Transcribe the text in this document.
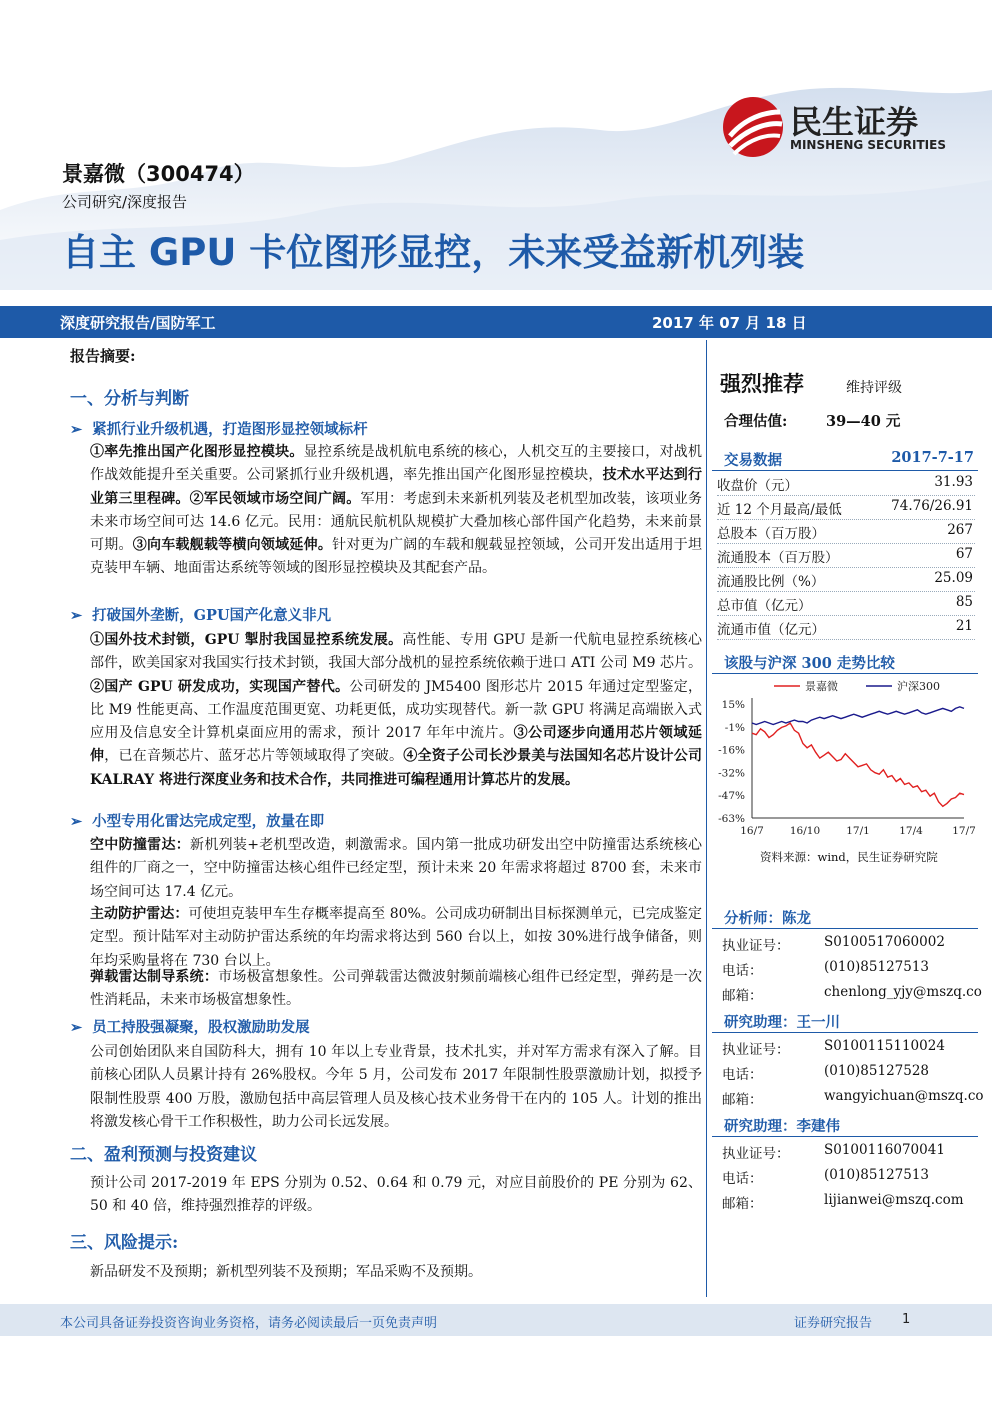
民生证券
MINSHENG SECURITIES
景嘉微（300474）
公司研究/深度报告
自主 GPU 卡位图形显控，未来受益新机列装
深度研究报告/国防军工	2017 年 07 月 18 日
报告摘要:
一、分析与判断
➢ 紧抓行业升级机遇，打造图形显控领域标杆
①率先推出国产化图形显控模块。显控系统是战机航电系统的核心，人机交互的主要接口，对战机作战效能提升至关重要。公司紧抓行业升级机遇，率先推出国产化图形显控模块，技术水平达到行业第三里程碑。②军民领域市场空间广阔。军用：考虑到未来新机列装及老机型加改装，该项业务未来市场空间可达 14.6 亿元。民用：通航民航机队规模扩大叠加核心部件国产化趋势，未来前景可期。③向车载舰载等横向领域延伸。针对更为广阔的车载和舰载显控领域，公司开发出适用于坦克装甲车辆、地面雷达系统等领域的图形显控模块及其配套产品。
➢ 打破国外垄断，GPU国产化意义非凡
①国外技术封锁，GPU 掣肘我国显控系统发展。高性能、专用 GPU 是新一代航电显控系统核心部件，欧美国家对我国实行技术封锁，我国大部分战机的显控系统依赖于进口 ATI 公司 M9 芯片。②国产 GPU 研发成功，实现国产替代。公司研发的 JM5400 图形芯片 2015 年通过定型鉴定，比 M9 性能更高、工作温度范围更宽、功耗更低，成功实现替代。新一款 GPU 将满足高端嵌入式应用及信息安全计算机桌面应用的需求，预计 2017 年年中流片。③公司逐步向通用芯片领域延伸，已在音频芯片、蓝牙芯片等领域取得了突破。④全资子公司长沙景美与法国知名芯片设计公司 KALRAY 将进行深度业务和技术合作，共同推进可编程通用计算芯片的发展。
➢ 小型专用化雷达完成定型，放量在即
空中防撞雷达：新机列装+老机型改造，刺激需求。国内第一批成功研发出空中防撞雷达系统核心组件的厂商之一，空中防撞雷达核心组件已经定型，预计未来 20 年需求将超过 8700 套，未来市场空间可达 17.4 亿元。
主动防护雷达：可使坦克装甲车生存概率提高至 80%。公司成功研制出目标探测单元，已完成鉴定定型。预计陆军对主动防护雷达系统的年均需求将达到 560 台以上，如按 30%进行战争储备，则年均采购量将在 730 台以上。
弹载雷达制导系统：市场极富想象性。公司弹载雷达微波射频前端核心组件已经定型，弹药是一次性消耗品，未来市场极富想象性。
➢ 员工持股强凝聚，股权激励助发展
公司创始团队来自国防科大，拥有 10 年以上专业背景，技术扎实，并对军方需求有深入了解。目前核心团队人员累计持有 26%股权。今年 5 月，公司发布 2017 年限制性股票激励计划，拟授予限制性股票 400 万股，激励包括中高层管理人员及核心技术业务骨干在内的 105 人。计划的推出将激发核心骨干工作积极性，助力公司长远发展。
二、盈利预测与投资建议
预计公司 2017-2019 年 EPS 分别为 0.52、0.64 和 0.79 元，对应目前股价的 PE 分别为 62、50 和 40 倍，维持强烈推荐的评级。
三、风险提示:
新品研发不及预期；新机型列装不及预期；军品采购不及预期。
强烈推荐	维持评级
合理估值:	39—40 元
交易数据	2017-7-17
收盘价（元）	31.93
近 12 个月最高/最低	74.76/26.91
总股本（百万股）	267
流通股本（百万股）	67
流通股比例（%）	25.09
总市值（亿元）	85
流通市值（亿元）	21
该股与沪深 300 走势比较
15%
-1%
-16%
-32%
-47%
-63%
16/7 16/10 17/1	17/4	17/7
景嘉微	沪深300
资料来源：wind，民生证券研究院
分析师：陈龙
执业证号：	S0100517060002
电话：	(010)85127513
邮箱：	chenlong_yjy@mszq.co
研究助理：王一川
执业证号：	S0100115110024
电话：	(010)85127528
邮箱：	wangyichuan@mszq.co
研究助理：李建伟
执业证号：	S0100116070041
电话：	(010)85127513
邮箱：	lijianwei@mszq.com
本公司具备证券投资咨询业务资格，请务必阅读最后一页免责声明	证券研究报告 1
